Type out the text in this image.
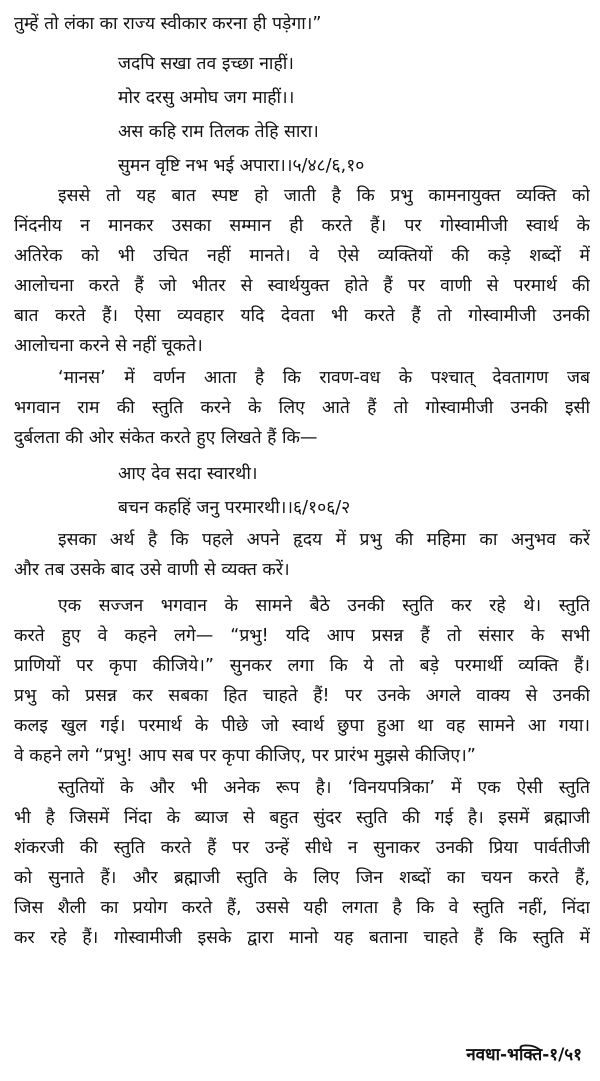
तुम्हें तो लंका का राज्य स्वीकार करना ही पड़ेगा।”
जदपि सखा तव इच्छा नाहीं।
मोर दरसु अमोघ जग माहीं।।
अस कहि राम तिलक तेहि सारा।
सुमन वृष्टि नभ भई अपारा।।५/४८/६,१०
इससे तो यह बात स्पष्ट हो जाती है कि प्रभु कामनायुक्त व्यक्ति को
निंदनीय न मानकर उसका सम्मान ही करते हैं। पर गोस्वामीजी स्वार्थ के
अतिरेक को भी उचित नहीं मानते। वे ऐसे व्यक्तियों की कड़े शब्दों में
आलोचना करते हैं जो भीतर से स्वार्थयुक्त होते हैं पर वाणी से परमार्थ की
बात करते हैं। ऐसा व्यवहार यदि देवता भी करते हैं तो गोस्वामीजी उनकी
आलोचना करने से नहीं चूकते।
‘मानस’ में वर्णन आता है कि रावण-वध के पश्चात् देवतागण जब
भगवान राम की स्तुति करने के लिए आते हैं तो गोस्वामीजी उनकी इसी
दुर्बलता की ओर संकेत करते हुए लिखते हैं कि—
आए देव सदा स्वारथी।
बचन कहहिं जनु परमारथी।।६/१०६/२
इसका अर्थ है कि पहले अपने हृदय में प्रभु की महिमा का अनुभव करें
और तब उसके बाद उसे वाणी से व्यक्त करें।
एक सज्जन भगवान के सामने बैठे उनकी स्तुति कर रहे थे। स्तुति
करते हुए वे कहने लगे— “प्रभु! यदि आप प्रसन्न हैं तो संसार के सभी
प्राणियों पर कृपा कीजिये।” सुनकर लगा कि ये तो बड़े परमार्थी व्यक्ति हैं।
प्रभु को प्रसन्न कर सबका हित चाहते हैं! पर उनके अगले वाक्य से उनकी
कलइ खुल गई। परमार्थ के पीछे जो स्वार्थ छुपा हुआ था वह सामने आ गया।
वे कहने लगे “प्रभु! आप सब पर कृपा कीजिए, पर प्रारंभ मुझसे कीजिए।”
स्तुतियों के और भी अनेक रूप है। ‘विनयपत्रिका’ में एक ऐसी स्तुति
भी है जिसमें निंदा के ब्याज से बहुत सुंदर स्तुति की गई है। इसमें ब्रह्माजी
शंकरजी की स्तुति करते हैं पर उन्हें सीधे न सुनाकर उनकी प्रिया पार्वतीजी
को सुनाते हैं। और ब्रह्माजी स्तुति के लिए जिन शब्दों का चयन करते हैं,
जिस शैली का प्रयोग करते हैं, उससे यही लगता है कि वे स्तुति नहीं, निंदा
कर रहे हैं। गोस्वामीजी इसके द्वारा मानो यह बताना चाहते हैं कि स्तुति में
नवधा-भक्ति-१/५१
